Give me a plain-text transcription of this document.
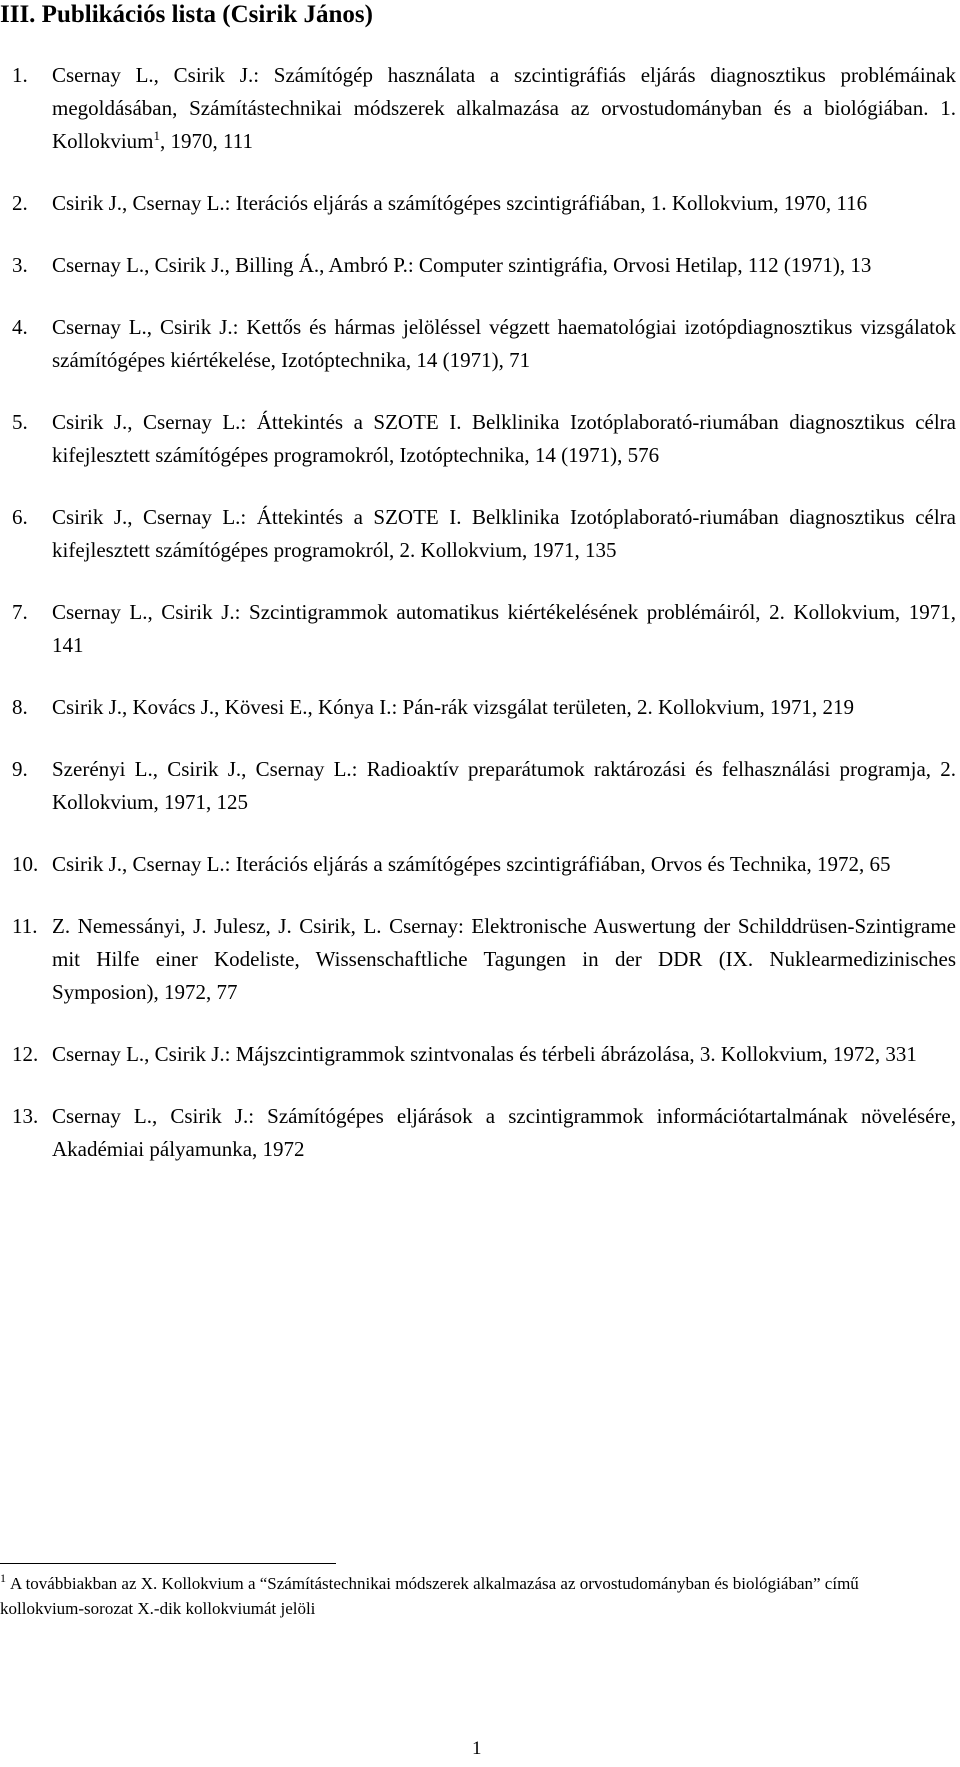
III. Publikációs lista (Csirik János)
1.	Csernay L., Csirik J.: Számítógép használata a szcintigráfiás eljárás diagnosztikus problémáinak megoldásában, Számítástechnikai módszerek alkalmazása az orvostudományban és a biológiában. 1. Kollokvium$^1$, 1970, 111
2.	Csirik J., Csernay L.: Iterációs eljárás a számítógépes szcintigráfiában, 1. Kollokvium, 1970, 116
3.	Csernay L., Csirik J., Billing Á., Ambró P.: Computer szintigráfia, Orvosi Hetilap, 112 (1971), 13
4.	Csernay L., Csirik J.: Kettős és hármas jelöléssel végzett haematológiai izotópdiagnosztikus vizsgálatok számítógépes kiértékelése, Izotóptechnika, 14 (1971), 71
5.	Csirik J., Csernay L.: Áttekintés a SZOTE I. Belklinika Izotóplaborató-riumában diagnosztikus célra kifejlesztett számítógépes programokról, Izotóptechnika, 14 (1971), 576
6.	Csirik J., Csernay L.: Áttekintés a SZOTE I. Belklinika Izotóplaborató-riumában diagnosztikus célra kifejlesztett számítógépes programokról, 2. Kollokvium, 1971, 135
7.	Csernay L., Csirik J.: Szcintigrammok automatikus kiértékelésének problémáiról, 2. Kollokvium, 1971, 141
8.	Csirik J., Kovács J., Kövesi E., Kónya I.: Pán-rák vizsgálat területen, 2. Kollokvium, 1971, 219
9.	Szerényi L., Csirik J., Csernay L.: Radioaktív preparátumok raktározási és felhasználási programja, 2. Kollokvium, 1971, 125
10. Csirik J., Csernay L.: Iterációs eljárás a számítógépes szcintigráfiában, Orvos és Technika, 1972, 65
11. Z. Nemessányi, J. Julesz, J. Csirik, L. Csernay: Elektronische Auswertung der Schilddrüsen-Szintigrame mit Hilfe einer Kodeliste, Wissenschaftliche Tagungen in der DDR (IX. Nuklearmedizinisches Symposion), 1972, 77
12. Csernay L., Csirik J.: Májszcintigrammok szintvonalas és térbeli ábrázolása, 3. Kollokvium, 1972, 331
13. Csernay L., Csirik J.: Számítógépes eljárások a szcintigrammok információtartalmának növelésére, Akadémiai pályamunka, 1972
$^1$ A továbbiakban az X. Kollokvium a “Számítástechnikai módszerek alkalmazása az orvostudományban és biológiában” című kollokvium-sorozat X.-dik kollokviumát jelöli
1
